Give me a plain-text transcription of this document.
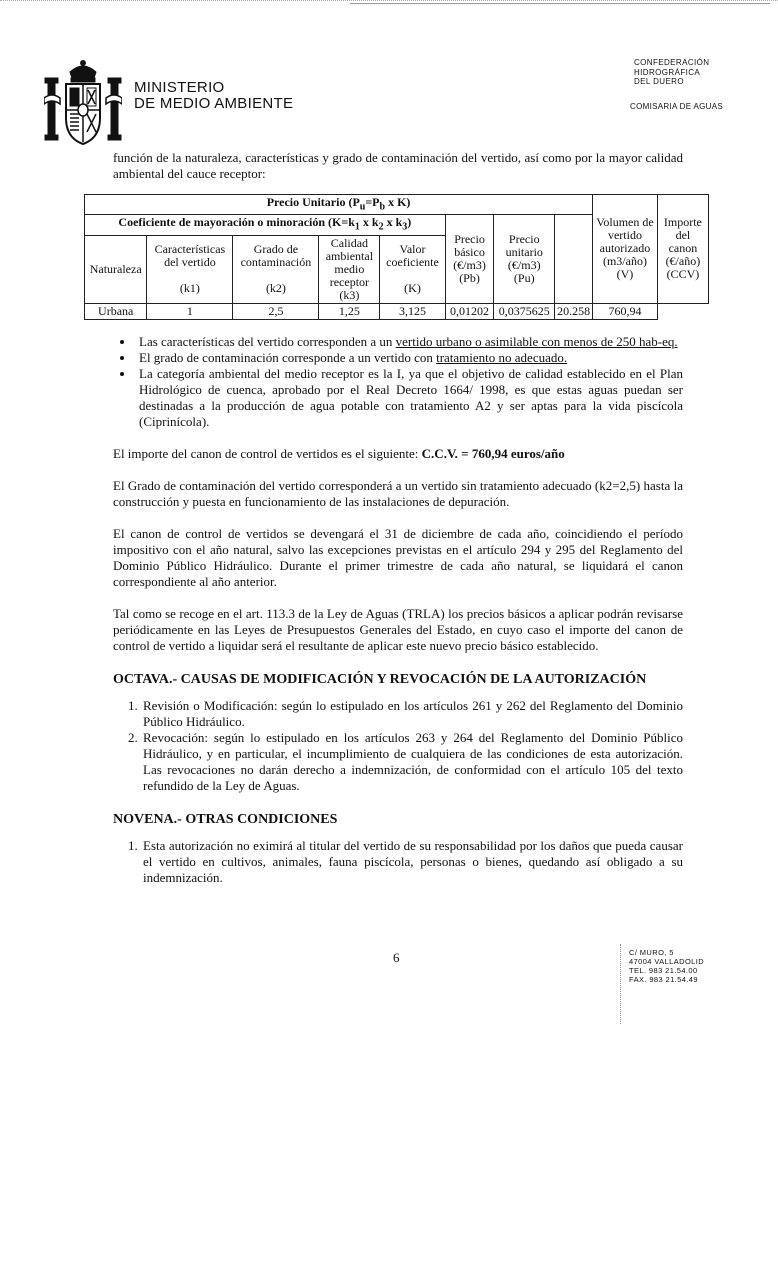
MINISTERIO
DE MEDIO AMBIENTE
CONFEDERACIÓN
HIDROGRÁFICA
DEL DUERO
COMISARIA DE AGUAS

función de la naturaleza, características y grado de contaminación del vertido, así como por la mayor calidad ambiental del cauce receptor:

Precio Unitario ($P_u=P_b$ x K)								Volumen de vertido autorizado
(m3/año)
(V)	Importe del canon
(€/año)
(CCV)
Coeficiente de mayoración o minoración ($K=k_1$ x $k_2$ x $k_3$)					Precio básico
(€/m3)
(Pb)	Precio unitario
(€/m3)
(Pu)		
Naturaleza	Características del vertido

(k1)	Grado de contaminación

(k2)	Calidad ambiental medio receptor
(k3)	Valor coeficiente

(K)					
Urbana	1	2,5	1,25	3,125	0,01202	0,0375625	20.258	760,94	
• Las características del vertido corresponden a un vertido urbano o asimilable con menos de 250 hab-eq.
• El grado de contaminación corresponde a un vertido con tratamiento no adecuado.
• La categoría ambiental del medio receptor es la I, ya que el objetivo de calidad establecido en el Plan Hidrológico de cuenca, aprobado por el Real Decreto 1664/ 1998, es que estas aguas puedan ser destinadas a la producción de agua potable con tratamiento A2 y ser aptas para la vida piscícola (Ciprinícola).

El importe del canon de control de vertidos es el siguiente: C.C.V. = 760,94 euros/año

El Grado de contaminación del vertido corresponderá a un vertido sin tratamiento adecuado (k2=2,5) hasta la construcción y puesta en funcionamiento de las instalaciones de depuración.

El canon de control de vertidos se devengará el 31 de diciembre de cada año, coincidiendo el período impositivo con el año natural, salvo las excepciones previstas en el artículo 294 y 295 del Reglamento del Dominio Público Hidráulico. Durante el primer trimestre de cada año natural, se liquidará el canon correspondiente al año anterior.

Tal como se recoge en el art. 113.3 de la Ley de Aguas (TRLA) los precios básicos a aplicar podrán revisarse periódicamente en las Leyes de Presupuestos Generales del Estado, en cuyo caso el importe del canon de control de vertido a liquidar será el resultante de aplicar este nuevo precio básico establecido.

OCTAVA.- CAUSAS DE MODIFICACIÓN Y REVOCACIÓN DE LA AUTORIZACIÓN
1. Revisión o Modificación: según lo estipulado en los artículos 261 y 262 del Reglamento del Dominio Público Hidráulico.
2. Revocación: según lo estipulado en los artículos 263 y 264 del Reglamento del Dominio Público Hidráulico, y en particular, el incumplimiento de cualquiera de las condiciones de esta autorización. Las revocaciones no darán derecho a indemnización, de conformidad con el artículo 105 del texto refundido de la Ley de Aguas.
NOVENA.- OTRAS CONDICIONES
1. Esta autorización no eximirá al titular del vertido de su responsabilidad por los daños que pueda causar el vertido en cultivos, animales, fauna piscícola, personas o bienes, quedando así obligado a su indemnización.
6	C/ MURO, 5
47004 VALLADOLID
TEL. 983 21.54.00
FAX. 983 21.54.49
